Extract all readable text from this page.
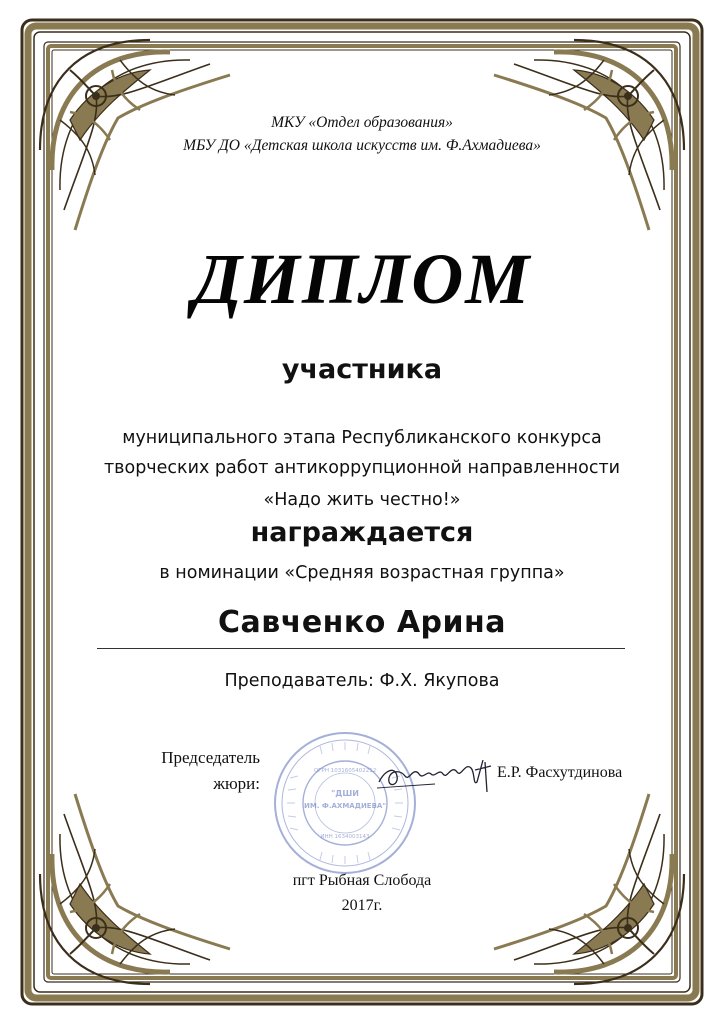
МКУ «Отдел образования»
МБУ ДО «Детская школа искусств им. Ф.Ахмадиева»
ДИПЛОМ
участника
муниципального этапа Республиканского конкурса
творческих работ антикоррупционной направленности
«Надо жить честно!»
награждается
в номинации «Средняя возрастная группа»
Савченко Арина
Преподаватель: Ф.Х. Якупова
Председатель
жюри:
"ДШИ
ИМ. Ф.АХМАДИЕВА"
ОГРН 1031605402212
ИНН 1634003143
Е.Р. Фасхутдинова
пгт Рыбная Слобода
2017г.
